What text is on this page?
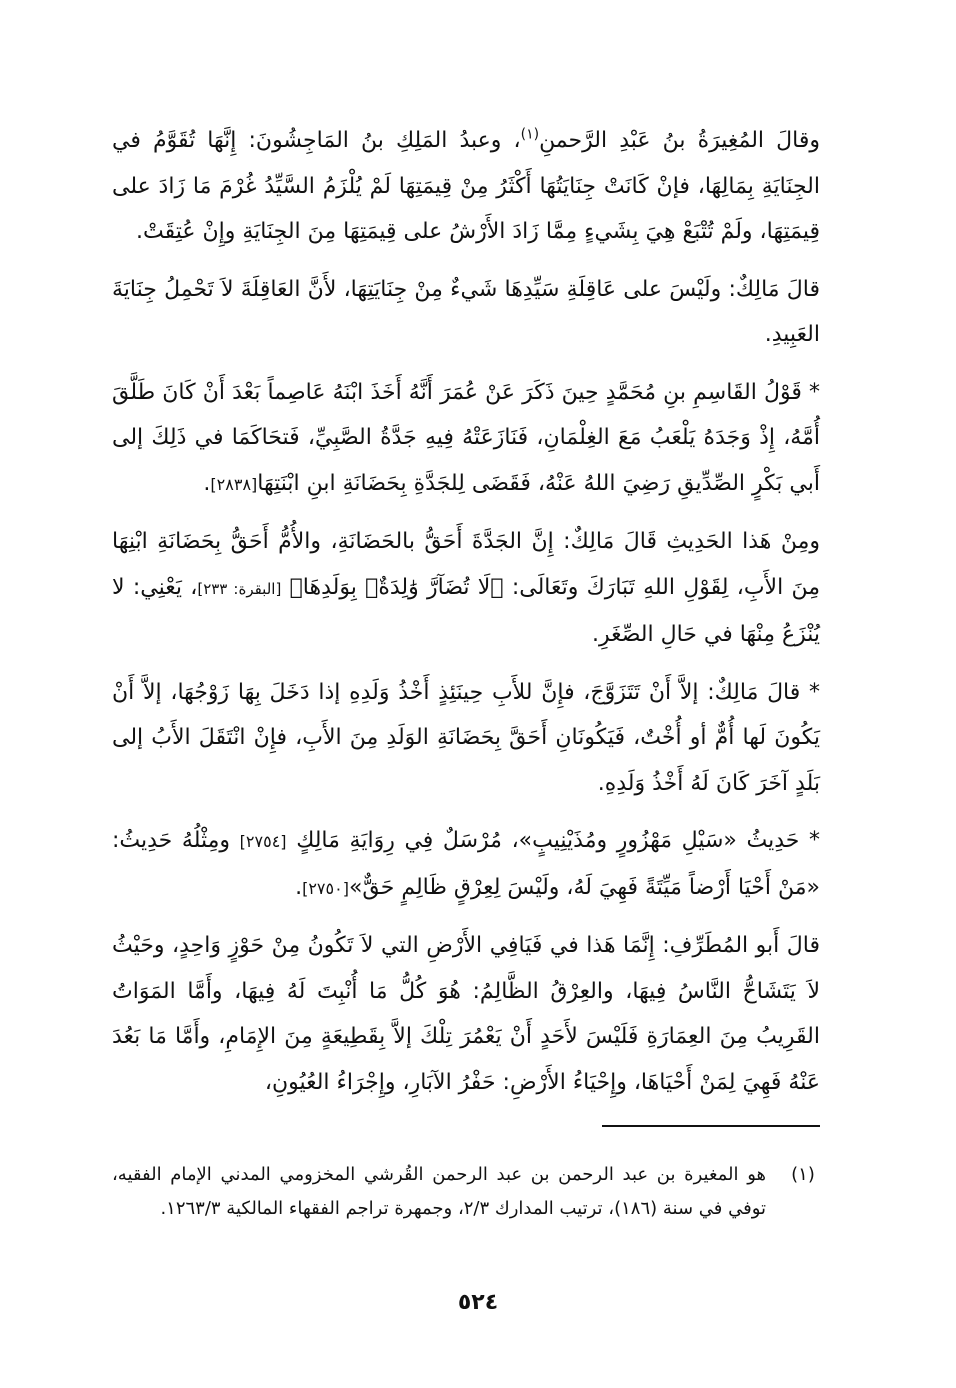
وقالَ المُغِيرَةُ بنُ عَبْدِ الرَّحمنِ$^{(١)}$، وعبدُ المَلِكِ بنُ المَاجِشُونَ: إِنَّهَا تُقَوَّمُ في الجِنَايَةِ بِمَالِهَا، فإنْ كَانَتْ جِنَايَتُهَا أَكْثَرُ مِنْ قِيمَتِهَا لَمْ يُلْزَمُ السَّيِّدُ غُرْمَ مَا زَادَ على قِيمَتِهَا، ولَمْ تُتْبَعْ هِيَ بِشَيءٍ مِمَّا زَادَ الأَرْشُ على قِيمَتِهَا مِنَ الجِنَايَةِ وإِنْ عُتِقَتْ.

قالَ مَالِكٌ: ولَيْسَ على عَاقِلَةِ سَيِّدِهَا شَيءٌ مِنْ جِنَايَتِهَا، لأَنَّ العَاقِلَةَ لاَ تَحْمِلُ جِنَايَةَ العَبِيدِ.

* قَوْلُ القَاسِمِ بنِ مُحَمَّدٍ حِينَ ذَكَرَ عَنْ عُمَرَ أَنَّهُ أَخَذَ ابْنَهُ عَاصِماً بَعْدَ أَنْ كَانَ طَلَّقَ أُمَّهُ، إِذْ وَجَدَهُ يَلْعَبُ مَعَ الغِلْمَانِ، فَنَازَعَتْهُ فِيهِ جَدَّةُ الصَّبِيِّ، فَتحَاكَمَا في ذَلِكَ إلى أَبي بَكْرٍ الصِّدِّيقِ رَضِيَ اللهُ عَنْهُ، فَقَضَى لِلجَدَّةِ بِحَضَانَةِ ابنِ ابْنَتِهَا[٢٨٣٨].

ومِنْ هَذا الحَدِيثِ قَالَ مَالِكٌ: إِنَّ الجَدَّةَ أَحَقُّ بالحَضَانَةِ، والأُمُّ أَحَقُّ بِحَضَانَةِ ابْنِهَا مِنَ الأَبِ، لِقَوْلِ اللهِ تَبَارَكَ وتَعَالَى: ﴿لَا تُضَآرَّ وَٰلِدَةٌۢ بِوَلَدِهَا﴾ [البقرة: ٢٣٣]، يَعْنِي: لا يُنْزَعُ مِنْهَا في حَالِ الصِّغَرِ.

* قالَ مَالِكٌ: إلاَّ أَنْ تَتَزَوَّجَ، فإِنَّ للأَبِ حِينَئِذٍ أَخْذُ وَلَدِهِ إذا دَخَلَ بِهَا زَوْجُهَا، إلاَّ أَنْ يَكُونَ لَها أُمٌّ أو أُخْتٌ، فَيَكُونَانِ أَحَقَّ بِحَضَانَةِ الوَلَدِ مِنَ الأَبِ، فإِنْ انْتَقَلَ الأَبُ إلى بَلَدٍ آخَرَ كَانَ لَهُ أَخْذُ وَلَدِهِ.

* حَدِيثُ «سَيْلِ مَهْزُورٍ ومُذَيْنِيبٍ»، مُرْسَلٌ فِي رِوَايَةِ مَالِكٍ [٢٧٥٤] ومِثْلُهُ حَدِيثُ: «مَنْ أَحْيَا أَرْضاً مَيِّتَةً فَهِيَ لَهُ، ولَيْسَ لِعِرْقٍ ظَالِمٍ حَقٌّ»[٢٧٥٠].

قالَ أَبو المُطَرِّفِ: إِنَّمَا هَذا في فَيَافِي الأَرْضِ التي لاَ تَكُونُ مِنْ حَوْزٍ وَاحِدٍ، وحَيْثُ لاَ يَتَشَاحُّ النَّاسُ فِيهَا، والعِرْقُ الظَّالِمُ: هُوَ كُلُّ مَا أُنْبِتَ لَهُ فِيهَا، وأَمَّا المَوَاتُ القَرِيبُ مِنَ العِمَارَةِ فَلَيْسَ لأَحَدٍ أَنْ يَعْمُرَ تِلْكَ إلاَّ بِقَطِيعَةٍ مِنَ الإِمَامِ، وأَمَّا مَا بَعُدَ عَنْهُ فَهِيَ لِمَنْ أَحْيَاهَا، وإِحْيَاءُ الأَرْضِ: حَفْرُ الآبَارِ، وإِجْرَاءُ العُيُونِ،

(١)
هو المغيرة بن عبد الرحمن بن عبد الرحمن القُرشي المخزومي المدني الإمام الفقيه، توفي في سنة (١٨٦)، ترتيب المدارك ٢/٣، وجمهرة تراجم الفقهاء المالكية ١٢٦٣/٣.
٥٢٤
